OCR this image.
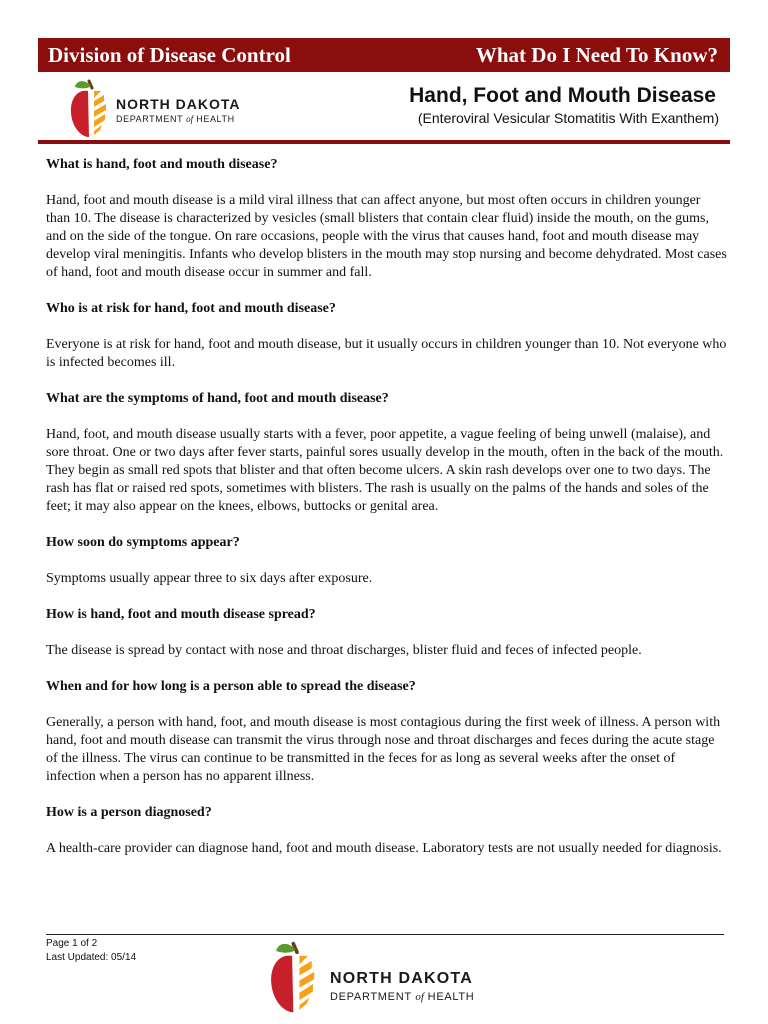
Division of Disease Control	What Do I Need To Know?
NORTH DAKOTA
DEPARTMENT of HEALTH
Hand, Foot and Mouth Disease
(Enteroviral Vesicular Stomatitis With Exanthem)
What is hand, foot and mouth disease?

Hand, foot and mouth disease is a mild viral illness that can affect anyone, but most often occurs in children younger than 10. The disease is characterized by vesicles (small blisters that contain clear fluid) inside the mouth, on the gums, and on the side of the tongue. On rare occasions, people with the virus that causes hand, foot and mouth disease may develop viral meningitis. Infants who develop blisters in the mouth may stop nursing and become dehydrated. Most cases of hand, foot and mouth disease occur in summer and fall.

Who is at risk for hand, foot and mouth disease?

Everyone is at risk for hand, foot and mouth disease, but it usually occurs in children younger than 10. Not everyone who is infected becomes ill.

What are the symptoms of hand, foot and mouth disease?

Hand, foot, and mouth disease usually starts with a fever, poor appetite, a vague feeling of being unwell (malaise), and sore throat. One or two days after fever starts, painful sores usually develop in the mouth, often in the back of the mouth. They begin as small red spots that blister and that often become ulcers. A skin rash develops over one to two days. The rash has flat or raised red spots, sometimes with blisters. The rash is usually on the palms of the hands and soles of the feet; it may also appear on the knees, elbows, buttocks or genital area.

How soon do symptoms appear?

Symptoms usually appear three to six days after exposure.

How is hand, foot and mouth disease spread?

The disease is spread by contact with nose and throat discharges, blister fluid and feces of infected people.

When and for how long is a person able to spread the disease?

Generally, a person with hand, foot, and mouth disease is most contagious during the first week of illness. A person with hand, foot and mouth disease can transmit the virus through nose and throat discharges and feces during the acute stage of the illness. The virus can continue to be transmitted in the feces for as long as several weeks after the onset of infection when a person has no apparent illness.

How is a person diagnosed?

A health-care provider can diagnose hand, foot and mouth disease. Laboratory tests are not usually needed for diagnosis.

Page 1 of 2
Last Updated: 05/14
NORTH DAKOTA
DEPARTMENT of HEALTH
